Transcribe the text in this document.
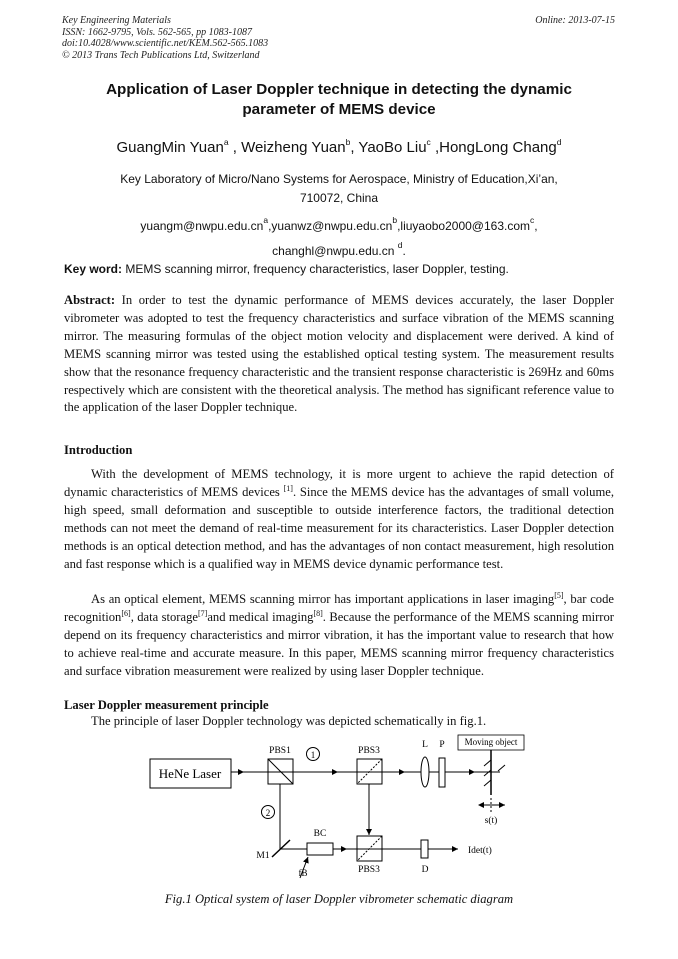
Key Engineering Materials
ISSN: 1662-9795, Vols. 562-565, pp 1083-1087
doi:10.4028/www.scientific.net/KEM.562-565.1083
© 2013 Trans Tech Publications Ltd, Switzerland
Online: 2013-07-15
Application of Laser Doppler technique in detecting the dynamic
parameter of MEMS device
GuangMin Yuan$^a$ , Weizheng Yuan$^b$, YaoBo Liu$^c$ ,HongLong Chang$^d$
Key Laboratory of Micro/Nano Systems for Aerospace, Ministry of Education,Xi’an,
710072, China
$yuangm@nwpu.edu.cn^a,yuanwz@nwpu.edu.cn^b,liuyaobo2000@163.com^c$,
changhl@nwpu.edu.cn $^d$.
Key word: MEMS scanning mirror, frequency characteristics, laser Doppler, testing.
Abstract: In order to test the dynamic performance of MEMS devices accurately, the laser Doppler vibrometer was adopted to test the frequency characteristics and surface vibration of the MEMS scanning mirror. The measuring formulas of the object motion velocity and displacement were derived. A kind of MEMS scanning mirror was tested using the established optical testing system. The measurement results show that the resonance frequency characteristic and the transient response characteristic is 269Hz and 60ms respectively which are consistent with the theoretical analysis. The method has significant reference value to the application of the laser Doppler technique.
Introduction
With the development of MEMS technology, it is more urgent to achieve the rapid detection of dynamic characteristics of MEMS devices [1]. Since the MEMS device has the advantages of small volume, high speed, small deformation and susceptible to outside interference factors, the traditional detection methods can not meet the demand of real-time measurement for its characteristics. Laser Doppler detection methods is an optical detection method, and has the advantages of non contact measurement, high resolution and fast response which is a qualified way in MEMS device dynamic performance test.
As an optical element, MEMS scanning mirror has important applications in laser imaging[5], bar code recognition[6], data storage[7]and medical imaging[8]. Because the performance of the MEMS scanning mirror depend on its frequency characteristics and mirror vibration, it has the important value to research that how to achieve real-time and accurate measure. In this paper, MEMS scanning mirror frequency characteristics and surface vibration measurement were realized by using laser Doppler technique.
Laser Doppler measurement principle
The principle of laser Doppler technology was depicted schematically in fig.1.
HeNe Laser
PBS1 1	PBS3
L P Moving object
s(t)
2
M1
BC
fB	PBS3	D
Idet(t)
Fig.1 Optical system of laser Doppler vibrometer schematic diagram
